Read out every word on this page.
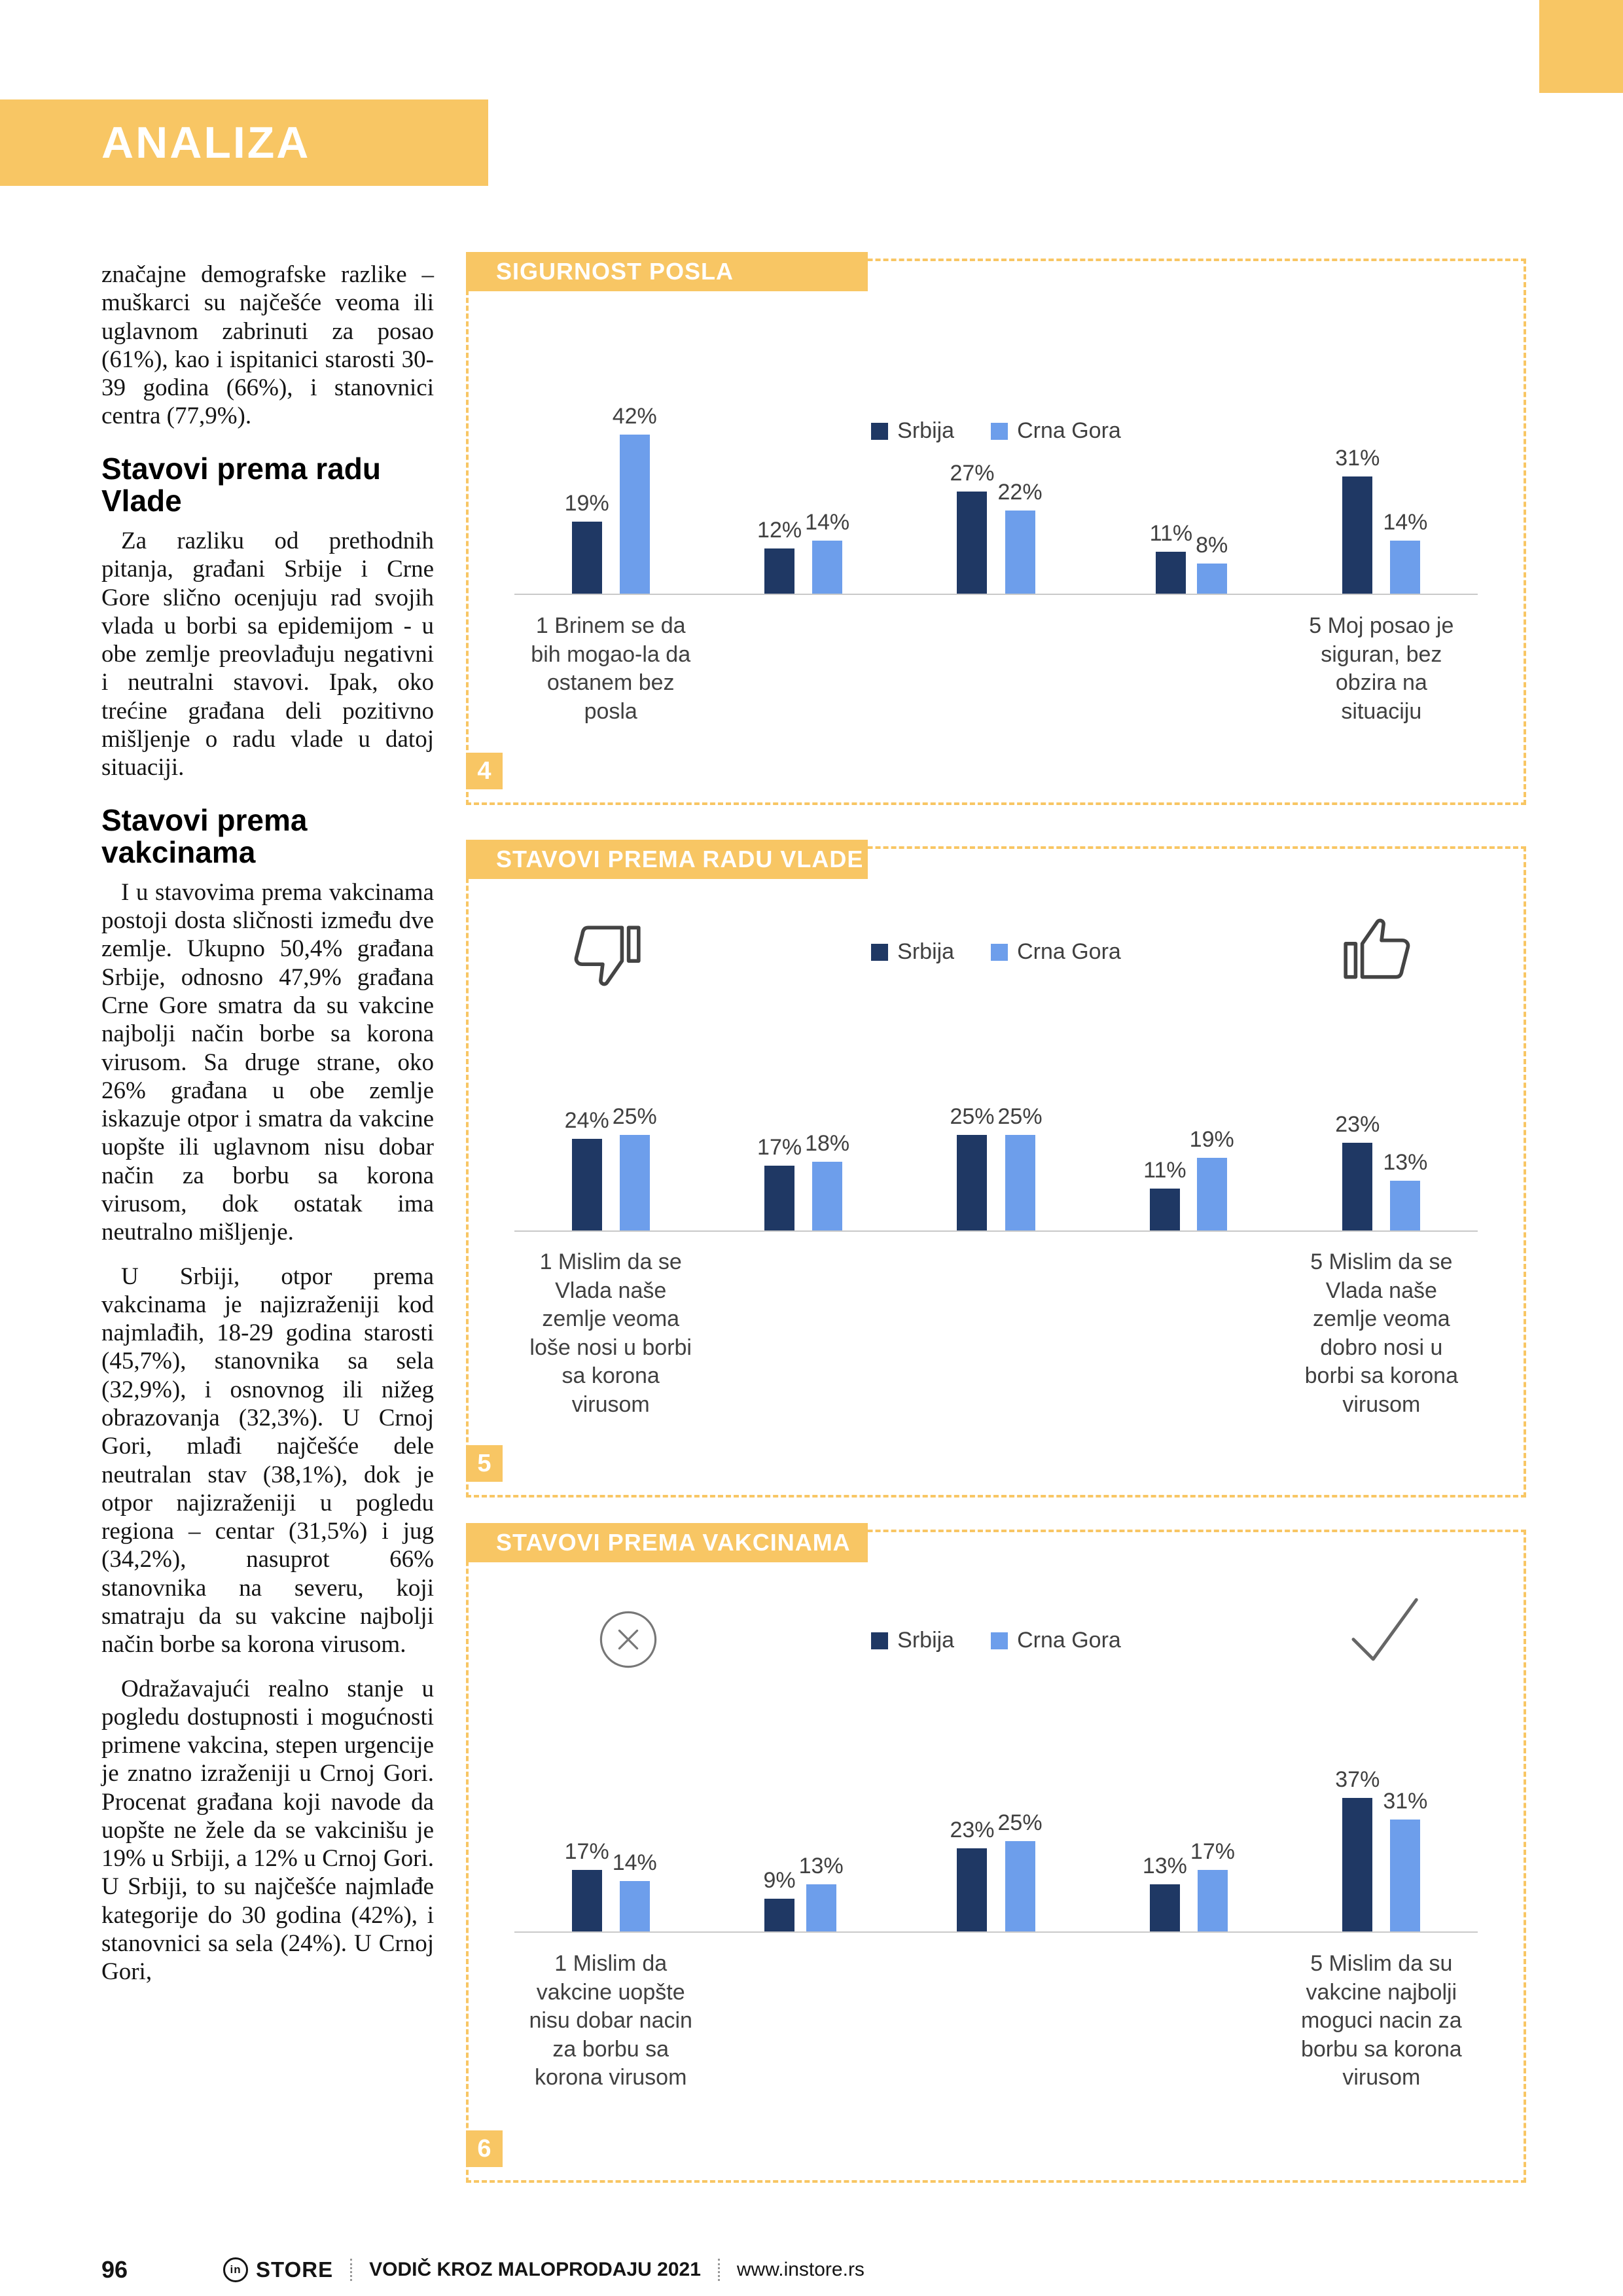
ANALIZA

značajne demografske razlike – muškarci su najčešće veoma ili uglavnom zabrinuti za posao (61%), kao i ispitanici starosti 30-39 godina (66%), i stanovnici centra (77,9%).

Stavovi prema radu Vlade

Za razliku od prethodnih pitanja, građani Srbije i Crne Gore slično ocenjuju rad svojih vlada u borbi sa epidemijom - u obe zemlje preovlađuju negativni i neutralni stavovi. Ipak, oko trećine građana deli pozitivno mišljenje o radu vlade u datoj situaciji.

Stavovi prema vakcinama

I u stavovima prema vakcinama postoji dosta sličnosti između dve zemlje. Ukupno 50,4% građana Srbije, odnosno 47,9% građana Crne Gore smatra da su vakcine najbolji način borbe sa korona virusom. Sa druge strane, oko 26% građana u obe zemlje iskazuje otpor i smatra da vakcine uopšte ili uglavnom nisu dobar način za borbu sa korona virusom, dok ostatak ima neutralno mišljenje.

U Srbiji, otpor prema vakcinama je najizraženiji kod najmlađih, 18-29 godina starosti (45,7%), stanovnika sa sela (32,9%), i osnovnog ili nižeg obrazovanja (32,3%). U Crnoj Gori, mlađi najčešće dele neutralan stav (38,1%), dok je otpor najizraženiji u pogledu regiona – centar (31,5%) i jug (34,2%), nasuprot 66% stanovnika na severu, koji smatraju da su vakcine najbolji način borbe sa korona virusom.

Odražavajući realno stanje u pogledu dostupnosti i mogućnosti primene vakcina, stepen urgencije je znatno izraženiji u Crnoj Gori. Procenat građana koji navode da uopšte ne žele da se vakcinišu je 19% u Srbiji, a 12% u Crnoj Gori. U Srbiji, to su najčešće najmlađe kategorije do 30 godina (42%), i stanovnici sa sela (24%). U Crnoj Gori,

SIGURNOST POSLA
Srbija	Crna Gora
19%
42%
12% 14%
27%
22%
11% 8%
31%
14%
1 Brinem se da bih mogao-la da ostanem bez posla
5 Moj posao je siguran, bez obzira na situaciju
4
STAVOVI PREMA RADU VLADE
Srbija	Crna Gora
24% 25%
17% 18%
25% 25%
11%
19%
23%
13%
1 Mislim da se Vlada naše zemlje veoma loše nosi u borbi sa korona virusom
5 Mislim da se Vlada naše zemlje veoma dobro nosi u borbi sa korona virusom
5
STAVOVI PREMA VAKCINAMA
Srbija	Crna Gora
17% 14%
9%
13%
23% 25%
13%
17%
37%
31%
1 Mislim da vakcine uopšte nisu dobar nacin za borbu sa korona virusom
5 Mislim da su vakcine najbolji moguci nacin za borbu sa korona virusom
6
96	in STORE VODIČ KROZ MALOPRODAJU 2021 www.instore.rs
